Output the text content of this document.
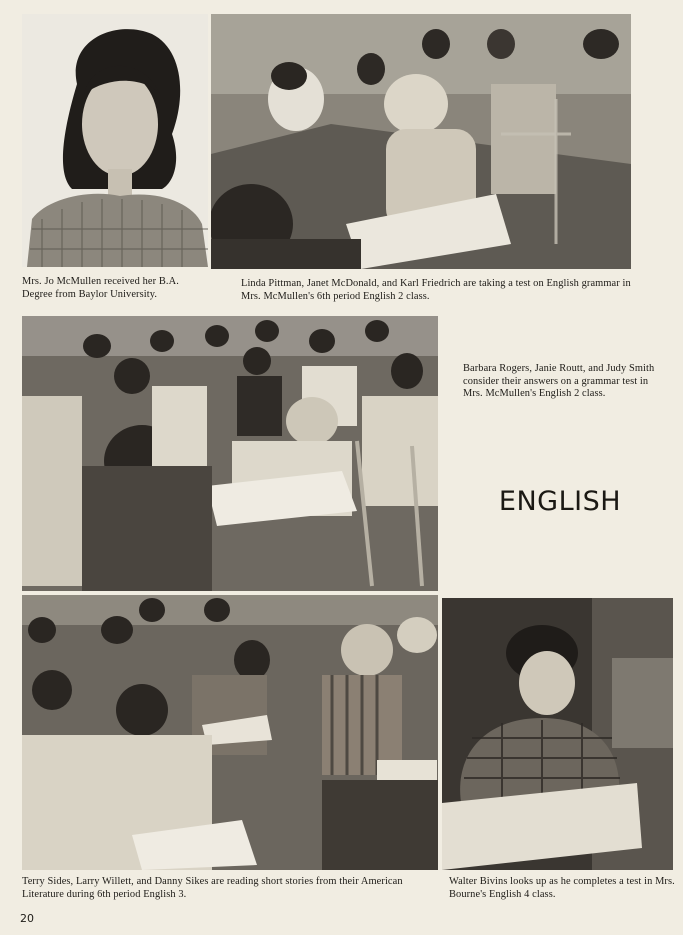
Mrs. Jo McMullen received her B.A. Degree from Baylor University.
Linda Pittman, Janet McDonald, and Karl Friedrich are taking a test on English grammar in Mrs. McMullen's 6th period English 2 class.
Barbara Rogers, Janie Routt, and Judy Smith consider their answers on a grammar test in Mrs. McMullen's English 2 class.
ENGLISH
Terry Sides, Larry Willett, and Danny Sikes are reading short stories from their American Literature during 6th period English 3.
Walter Bivins looks up as he completes a test in Mrs. Bourne's English 4 class.
20
